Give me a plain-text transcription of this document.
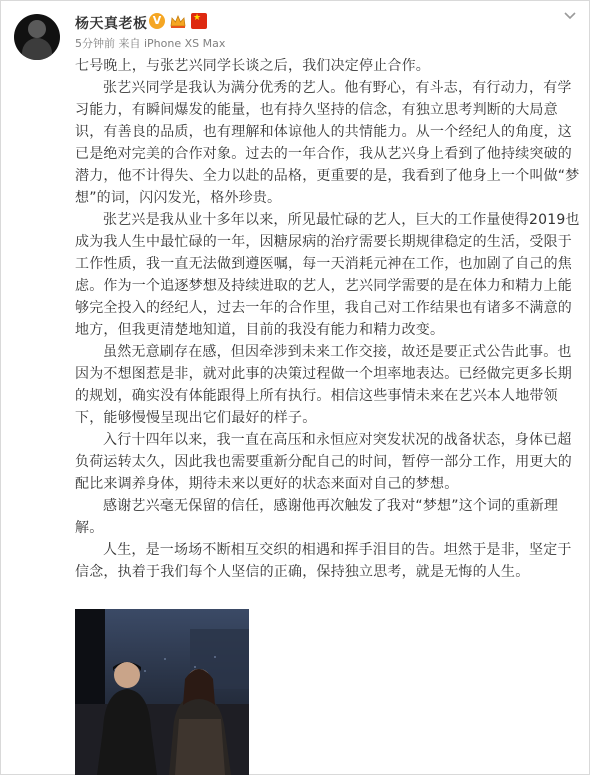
杨天真老板 V	★
5分钟前 来自 iPhone XS Max

七号晚上，与张艺兴同学长谈之后，我们决定停止合作。

张艺兴同学是我认为满分优秀的艺人。他有野心，有斗志，有行动力，有学习能力，有瞬间爆发的能量，也有持久坚持的信念，有独立思考判断的大局意识，有善良的品质，也有理解和体谅他人的共情能力。从一个经纪人的角度，这已是绝对完美的合作对象。过去的一年合作，我从艺兴身上看到了他持续突破的潜力，他不计得失、全力以赴的品格，更重要的是，我看到了他身上一个叫做“梦想”的词，闪闪发光，格外珍贵。

张艺兴是我从业十多年以来，所见最忙碌的艺人，巨大的工作量使得2019也成为我人生中最忙碌的一年，因糖尿病的治疗需要长期规律稳定的生活，受限于工作性质，我一直无法做到遵医嘱，每一天消耗元神在工作，也加剧了自己的焦虑。作为一个追逐梦想及持续进取的艺人，艺兴同学需要的是在体力和精力上能够完全投入的经纪人，过去一年的合作里，我自己对工作结果也有诸多不满意的地方，但我更清楚地知道，目前的我没有能力和精力改变。

虽然无意刷存在感，但因牵涉到未来工作交接，故还是要正式公告此事。也因为不想图惹是非，就对此事的决策过程做一个坦率地表达。已经做完更多长期的规划，确实没有体能跟得上所有执行。相信这些事情未来在艺兴本人地带领下，能够慢慢呈现出它们最好的样子。

入行十四年以来，我一直在高压和永恒应对突发状况的战备状态，身体已超负荷运转太久，因此我也需要重新分配自己的时间，暂停一部分工作，用更大的配比来调养身体，期待未来以更好的状态来面对自己的梦想。

感谢艺兴毫无保留的信任，感谢他再次触发了我对“梦想”这个词的重新理解。

人生，是一场场不断相互交织的相遇和挥手泪目的告。坦然于是非，坚定于信念，执着于我们每个人坚信的正确，保持独立思考，就是无悔的人生。
